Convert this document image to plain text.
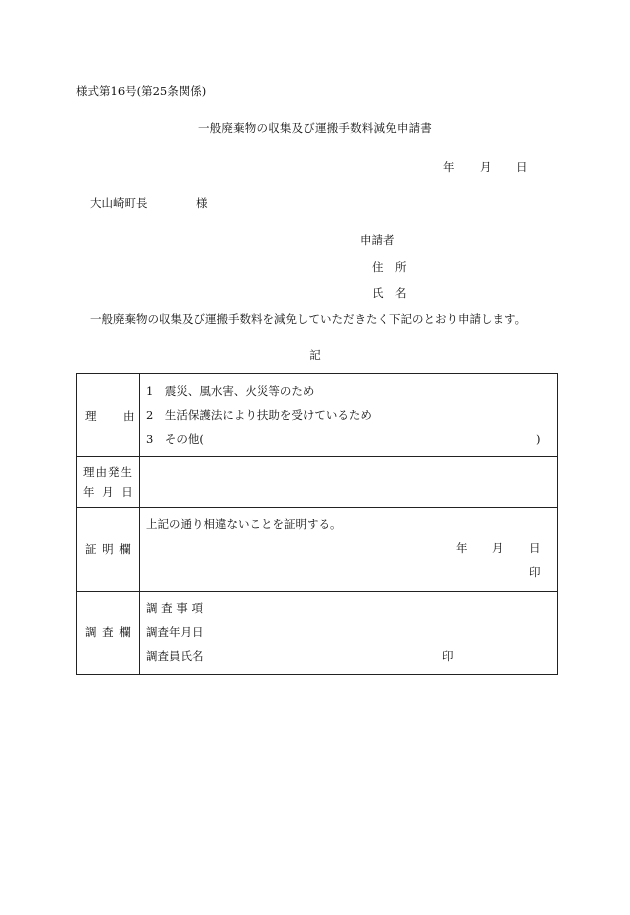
様式第16号(第25条関係)
一般廃棄物の収集及び運搬手数料減免申請書
年 月 日
大山崎町長	様
申請者
住　所
氏　名
一般廃棄物の収集及び運搬手数料を減免していただきたく下記のとおり申請します。
記
理 由	1　震災、風水害、火災等のため
2　生活保護法により扶助を受けているため
3　その他( )

理由発生
年 月 日	

証 明 欄	上記の通り相違ないことを証明する。
年 月 日
印

調 査 欄	調 査 事 項
調査年月日
調査員氏名 印
